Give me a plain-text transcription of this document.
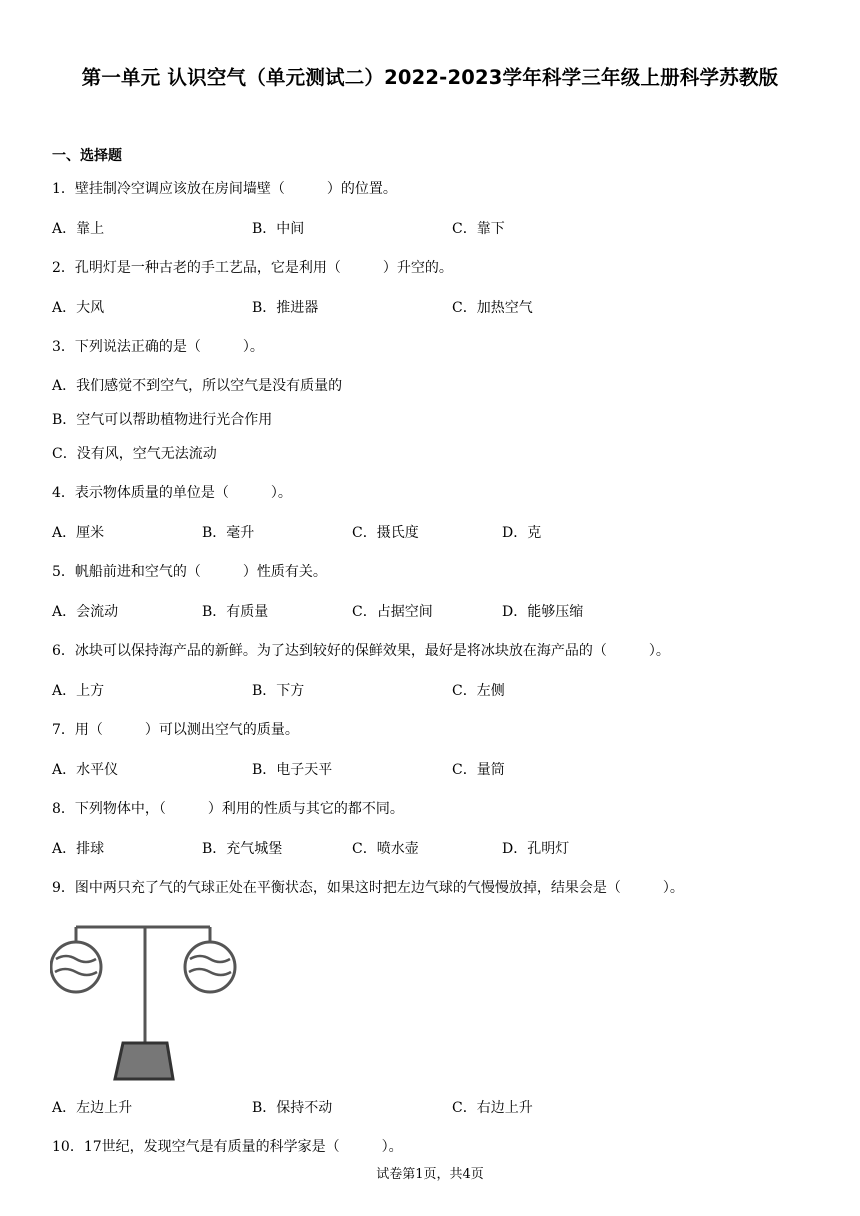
第一单元 认识空气（单元测试二）2022-2023学年科学三年级上册科学苏教版
一、选择题
1．壁挂制冷空调应该放在房间墙壁（　　　）的位置。
A．靠上	B．中间	C．靠下
2．孔明灯是一种古老的手工艺品，它是利用（　　　）升空的。
A．大风	B．推进器	C．加热空气
3．下列说法正确的是（　　　）。
A．我们感觉不到空气，所以空气是没有质量的
B．空气可以帮助植物进行光合作用
C．没有风，空气无法流动
4．表示物体质量的单位是（　　　）。
A．厘米	B．毫升	C．摄氏度	D．克
5．帆船前进和空气的（　　　）性质有关。
A．会流动	B．有质量	C．占据空间	D．能够压缩
6．冰块可以保持海产品的新鲜。为了达到较好的保鲜效果，最好是将冰块放在海产品的（　　　）。
A．上方	B．下方	C．左侧
7．用（　　　）可以测出空气的质量。
A．水平仪	B．电子天平	C．量筒
8．下列物体中，（　　　）利用的性质与其它的都不同。
A．排球	B．充气城堡	C．喷水壶	D．孔明灯
9．图中两只充了气的气球正处在平衡状态，如果这时把左边气球的气慢慢放掉，结果会是（　　　）。
A．左边上升	B．保持不动	C．右边上升
10．17世纪，发现空气是有质量的科学家是（　　　）。
试卷第1页，共4页
